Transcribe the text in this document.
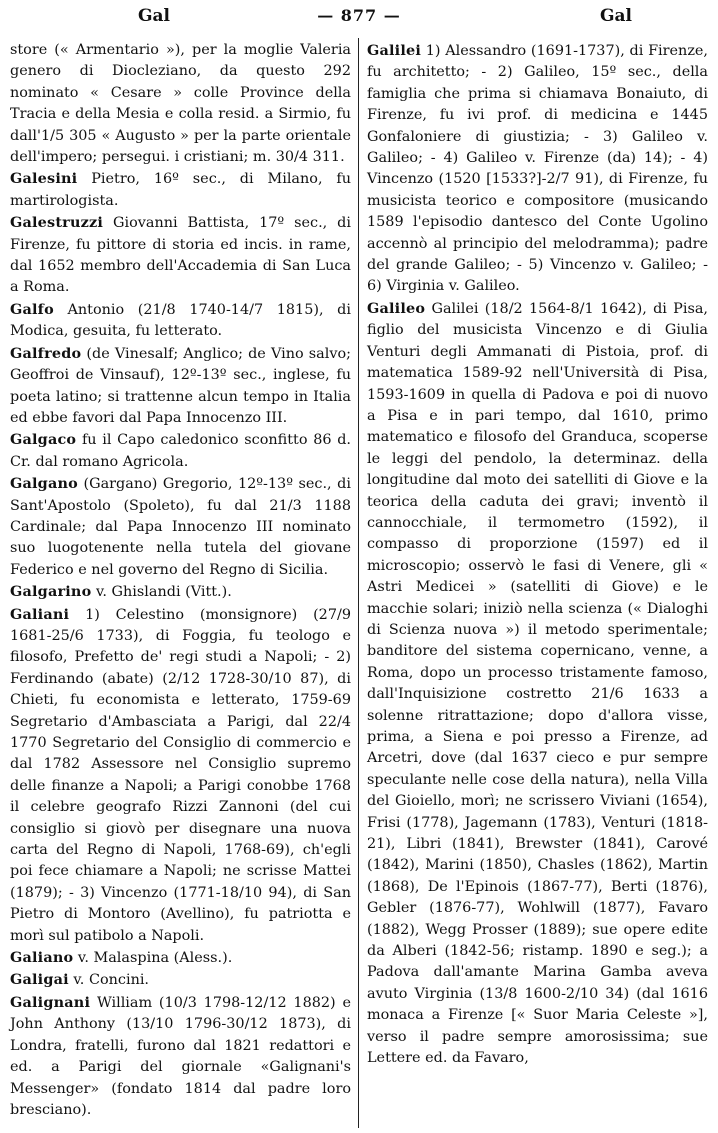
Gal	— 877 —	Gal

store (« Armentario »), per la moglie Valeria genero di Diocleziano, da questo 292 nominato « Cesare » colle Province della Tracia e della Mesia e colla resid. a Sirmio, fu dall'1/5 305 « Augusto » per la parte orientale dell'impero; persegui. i cristiani; m. 30/4 311.

Galesini Pietro, 16º sec., di Milano, fu martirologista.

Galestruzzi Giovanni Battista, 17º sec., di Firenze, fu pittore di storia ed incis. in rame, dal 1652 membro dell'Accademia di San Luca a Roma.

Galfo Antonio (21/8 1740-14/7 1815), di Modica, gesuita, fu letterato.

Galfredo (de Vinesalf; Anglico; de Vino salvo; Geoffroi de Vinsauf), 12º-13º sec., inglese, fu poeta latino; si trattenne alcun tempo in Italia ed ebbe favori dal Papa Innocenzo III.

Galgaco fu il Capo caledonico sconfitto 86 d. Cr. dal romano Agricola.

Galgano (Gargano) Gregorio, 12º-13º sec., di Sant'Apostolo (Spoleto), fu dal 21/3 1188 Cardinale; dal Papa Innocenzo III nominato suo luogotenente nella tutela del giovane Federico e nel governo del Regno di Sicilia.

Galgarino v. Ghislandi (Vitt.).

Galiani 1) Celestino (monsignore) (27/9 1681-25/6 1733), di Foggia, fu teologo e filosofo, Prefetto de' regi studi a Napoli; - 2) Ferdinando (abate) (2/12 1728-30/10 87), di Chieti, fu economista e letterato, 1759-69 Segretario d'Ambasciata a Parigi, dal 22/4 1770 Segretario del Consiglio di commercio e dal 1782 Assessore nel Consiglio supremo delle finanze a Napoli; a Parigi conobbe 1768 il celebre geografo Rizzi Zannoni (del cui consiglio si giovò per disegnare una nuova carta del Regno di Napoli, 1768-69), ch'egli poi fece chiamare a Napoli; ne scrisse Mattei (1879); - 3) Vincenzo (1771-18/10 94), di San Pietro di Montoro (Avellino), fu patriotta e morì sul patibolo a Napoli.

Galiano v. Malaspina (Aless.).

Galigai v. Concini.

Galignani William (10/3 1798-12/12 1882) e John Anthony (13/10 1796-30/12 1873), di Londra, fratelli, furono dal 1821 redattori e ed. a Parigi del giornale «Galignani's Messenger» (fondato 1814 dal padre loro bresciano).

Galilei 1) Alessandro (1691-1737), di Firenze, fu architetto; - 2) Galileo, 15º sec., della famiglia che prima si chiamava Bonaiuto, di Firenze, fu ivi prof. di medicina e 1445 Gonfaloniere di giustizia; - 3) Galileo v. Galileo; - 4) Galileo v. Firenze (da) 14); - 4) Vincenzo (1520 [1533?]-2/7 91), di Firenze, fu musicista teorico e compositore (musicando 1589 l'episodio dantesco del Conte Ugolino accennò al principio del melodramma); padre del grande Galileo; - 5) Vincenzo v. Galileo; - 6) Virginia v. Galileo.

Galileo Galilei (18/2 1564-8/1 1642), di Pisa, figlio del musicista Vincenzo e di Giulia Venturi degli Ammanati di Pistoia, prof. di matematica 1589-92 nell'Università di Pisa, 1593-1609 in quella di Padova e poi di nuovo a Pisa e in pari tempo, dal 1610, primo matematico e filosofo del Granduca, scoperse le leggi del pendolo, la determinaz. della longitudine dal moto dei satelliti di Giove e la teorica della caduta dei gravi; inventò il cannocchiale, il termometro (1592), il compasso di proporzione (1597) ed il microscopio; osservò le fasi di Venere, gli « Astri Medicei » (satelliti di Giove) e le macchie solari; iniziò nella scienza (« Dialoghi di Scienza nuova ») il metodo sperimentale; banditore del sistema copernicano, venne, a Roma, dopo un processo tristamente famoso, dall'Inquisizione costretto 21/6 1633 a solenne ritrattazione; dopo d'allora visse, prima, a Siena e poi presso a Firenze, ad Arcetri, dove (dal 1637 cieco e pur sempre speculante nelle cose della natura), nella Villa del Gioiello, morì; ne scrissero Viviani (1654), Frisi (1778), Jagemann (1783), Venturi (1818-21), Libri (1841), Brewster (1841), Carové (1842), Marini (1850), Chasles (1862), Martin (1868), De l'Epinois (1867-77), Berti (1876), Gebler (1876-77), Wohlwill (1877), Favaro (1882), Wegg Prosser (1889); sue opere edite da Alberi (1842-56; ristamp. 1890 e seg.); a Padova dall'amante Marina Gamba aveva avuto Virginia (13/8 1600-2/10 34) (dal 1616 monaca a Firenze [« Suor Maria Celeste »], verso il padre sempre amorosissima; sue Lettere ed. da Favaro,
